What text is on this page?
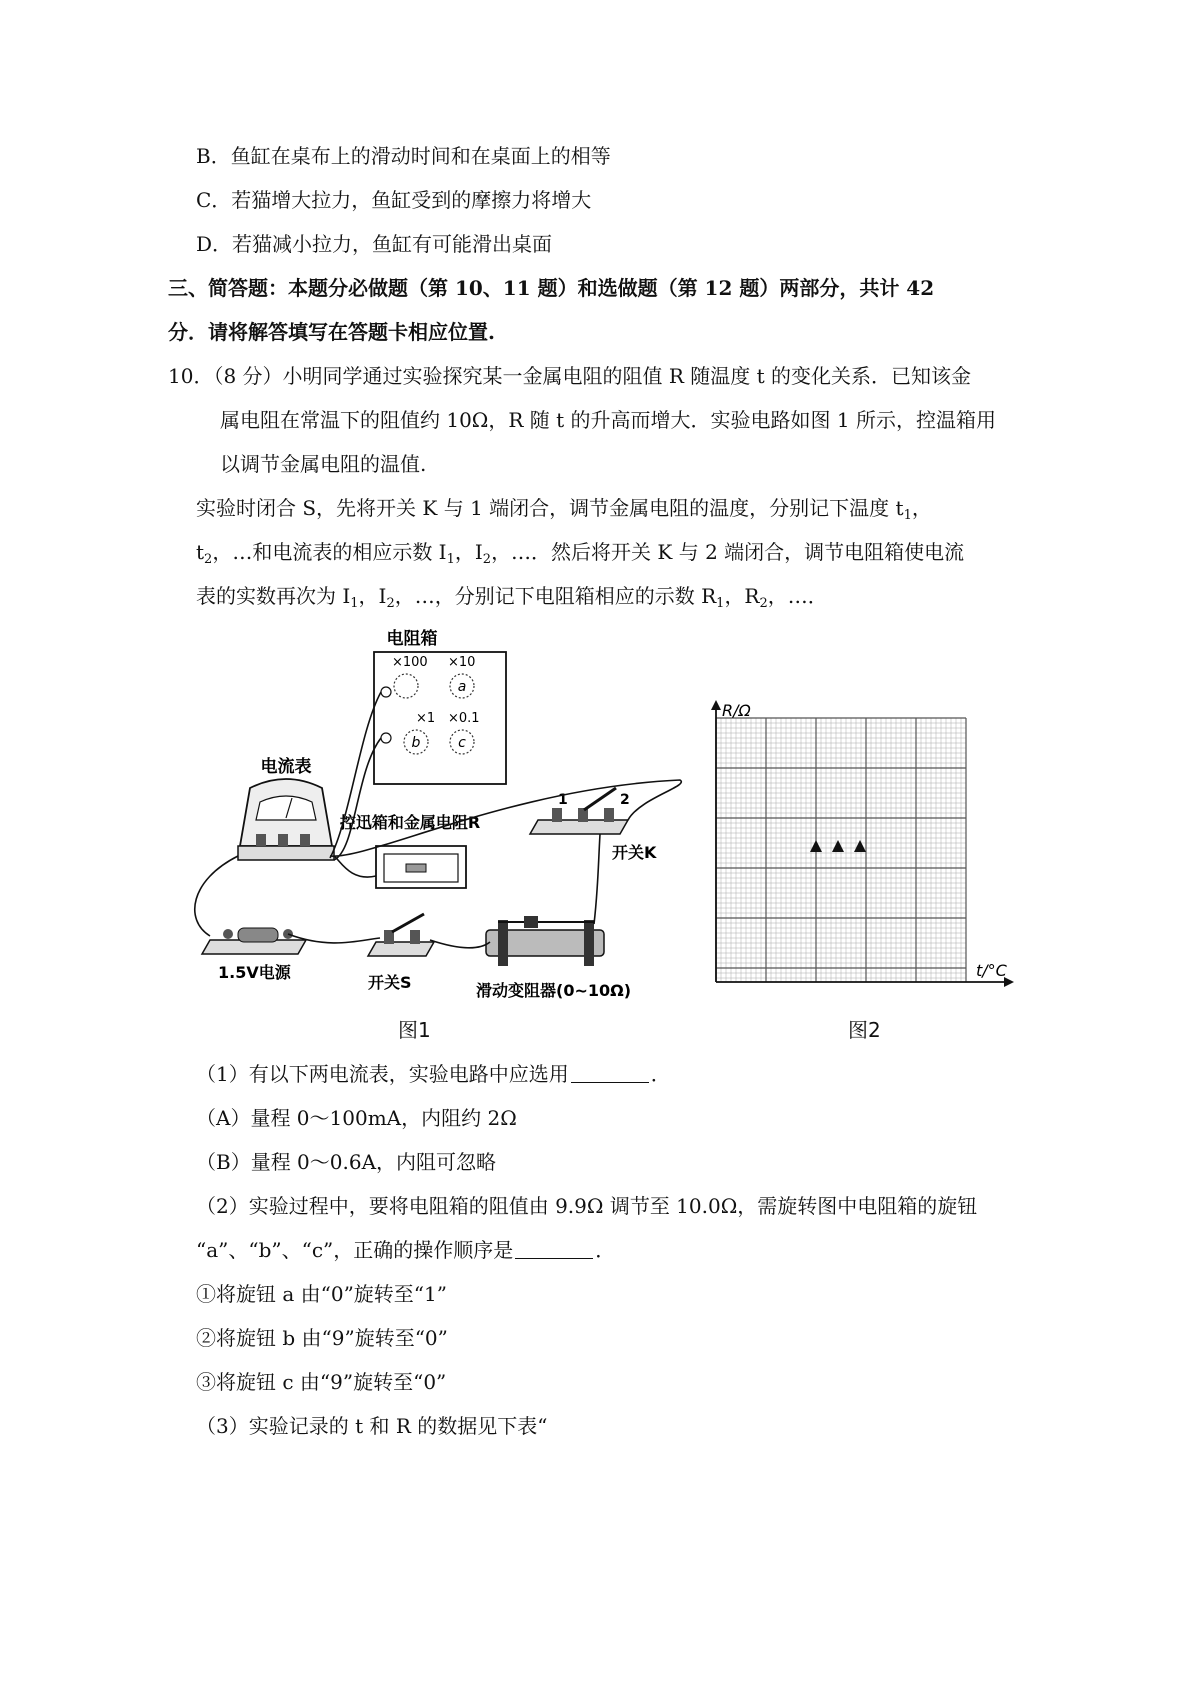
B．鱼缸在桌布上的滑动时间和在桌面上的相等
C．若猫增大拉力，鱼缸受到的摩擦力将增大
D．若猫减小拉力，鱼缸有可能滑出桌面
三、简答题：本题分必做题（第 10、11 题）和选做题（第 12 题）两部分，共计 42
分．请将解答填写在答题卡相应位置.
10．（8 分）小明同学通过实验探究某一金属电阻的阻值 R 随温度 t 的变化关系．已知该金
属电阻在常温下的阻值约 10Ω，R 随 t 的升高而增大．实验电路如图 1 所示，控温箱用
以调节金属电阻的温值.
实验时闭合 S，先将开关 K 与 1 端闭合，调节金属电阻的温度，分别记下温度 $t_1$，
$t_2$，…和电流表的相应示数 $I_1$，$I_2$，…．然后将开关 K 与 2 端闭合，调节电阻箱使电流
表的实数再次为 $I_1$，$I_2$，…，分别记下电阻箱相应的示数 $R_1$，$R_2$，…．
电阻箱
×100 ×10
×1 ×0.1
a
b	c
电流表
控迅箱和金属电阻R
1	2
开关K
1.5V电源
开关S	滑动变阻器(0~10Ω)
图1
R/Ω
t/°C
图2
（1）有以下两电流表，实验电路中应选用	．
（A）量程 0～100mA，内阻约 2Ω
（B）量程 0～0.6A，内阻可忽略
（2）实验过程中，要将电阻箱的阻值由 9.9Ω 调节至 10.0Ω，需旋转图中电阻箱的旋钮
“a”、“b”、“c”，正确的操作顺序是	．
①将旋钮 a 由“0”旋转至“1”
②将旋钮 b 由“9”旋转至“0”
③将旋钮 c 由“9”旋转至“0”
（3）实验记录的 t 和 R 的数据见下表“
